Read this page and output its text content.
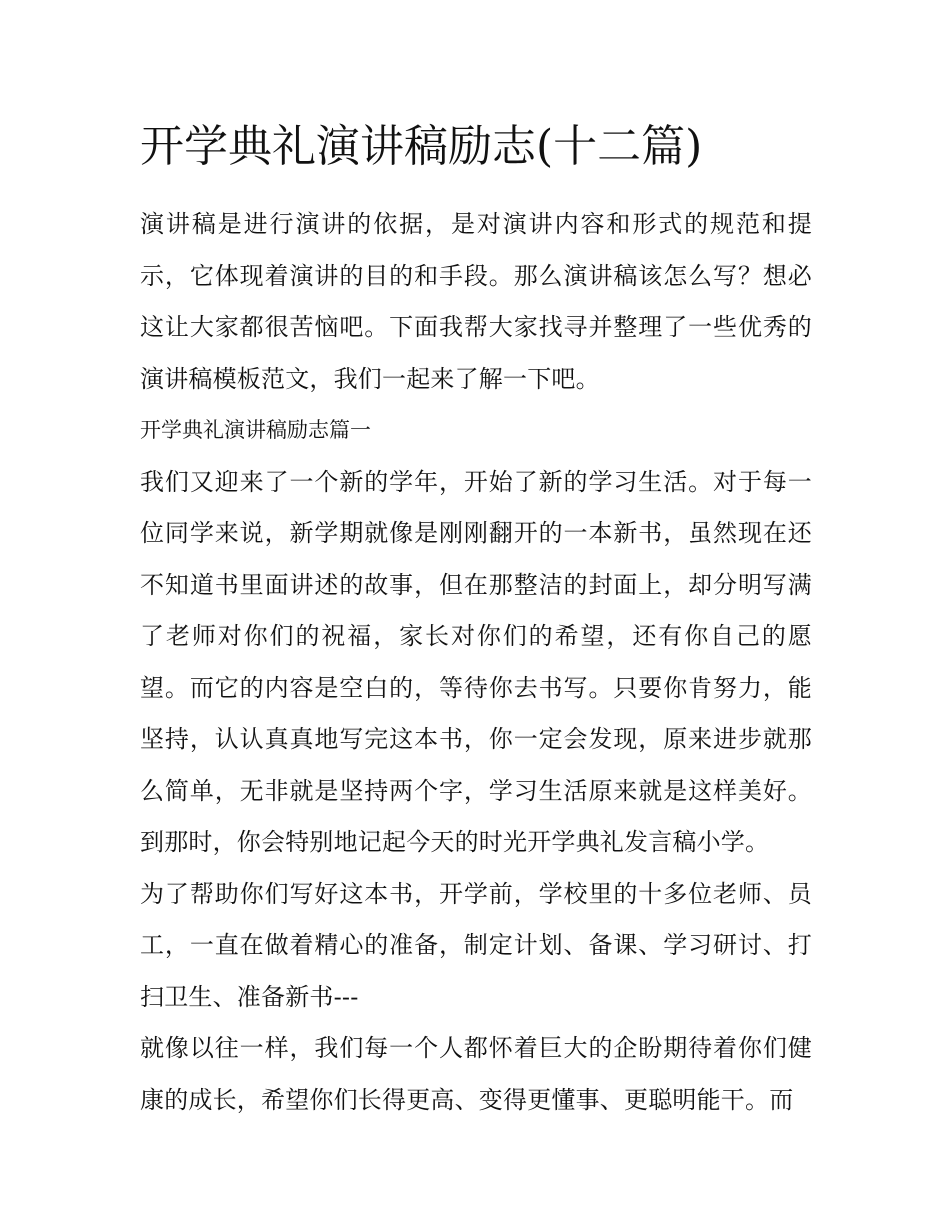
开学典礼演讲稿励志(十二篇)

演讲稿是进行演讲的依据，是对演讲内容和形式的规范和提示，它体现着演讲的目的和手段。那么演讲稿该怎么写？想必这让大家都很苦恼吧。下面我帮大家找寻并整理了一些优秀的演讲稿模板范文，我们一起来了解一下吧。

开学典礼演讲稿励志篇一

我们又迎来了一个新的学年，开始了新的学习生活。对于每一位同学来说，新学期就像是刚刚翻开的一本新书，虽然现在还不知道书里面讲述的故事，但在那整洁的封面上，却分明写满了老师对你们的祝福，家长对你们的希望，还有你自己的愿望。而它的内容是空白的，等待你去书写。只要你肯努力，能坚持，认认真真地写完这本书，你一定会发现，原来进步就那么简单，无非就是坚持两个字，学习生活原来就是这样美好。到那时，你会特别地记起今天的时光开学典礼发言稿小学。

为了帮助你们写好这本书，开学前，学校里的十多位老师、员工，一直在做着精心的准备，制定计划、备课、学习研讨、打扫卫生、准备新书---

就像以往一样，我们每一个人都怀着巨大的企盼期待着你们健康的成长，希望你们长得更高、变得更懂事、更聪明能干。而
